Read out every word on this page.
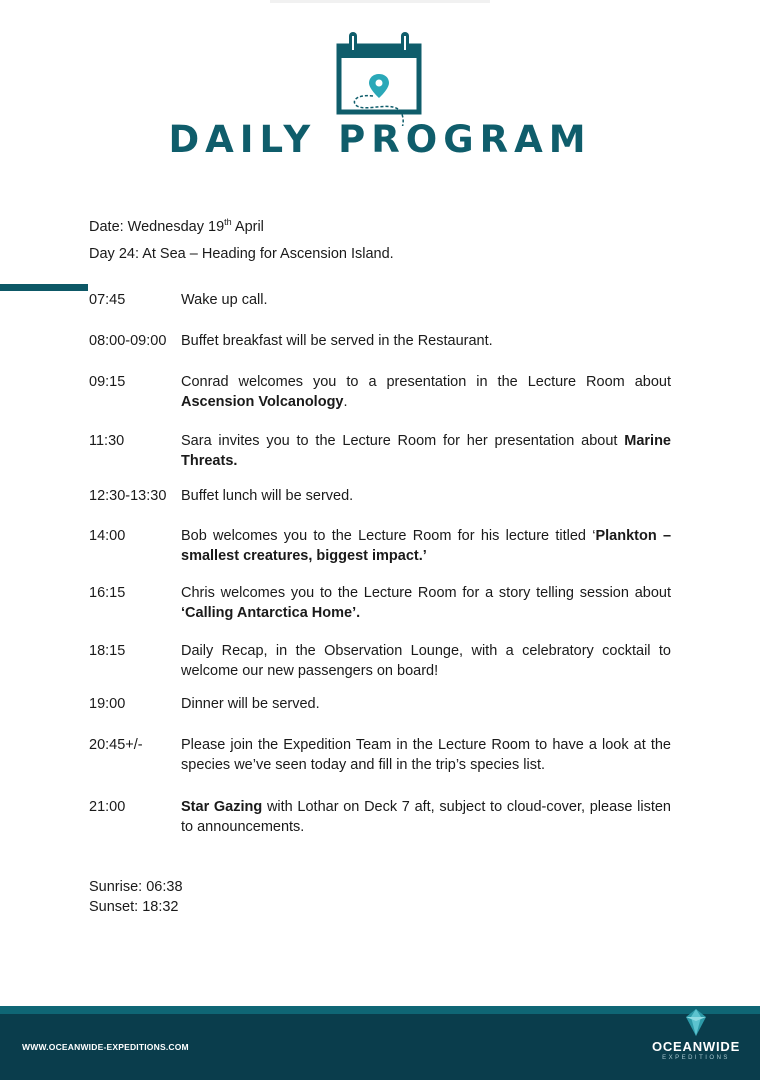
DAILY PROGRAM
Date: Wednesday 19th April
Day 24: At Sea – Heading for Ascension Island.
07:45	Wake up call.
08:00-09:00	Buffet breakfast will be served in the Restaurant.
09:15	Conrad welcomes you to a presentation in the Lecture Room about Ascension Volcanology.
11:30	Sara invites you to the Lecture Room for her presentation about Marine Threats.
12:30-13:30	Buffet lunch will be served.
14:00	Bob welcomes you to the Lecture Room for his lecture titled ‘Plankton – smallest creatures, biggest impact.’
16:15	Chris welcomes you to the Lecture Room for a story telling session about ‘Calling Antarctica Home’.
18:15	Daily Recap, in the Observation Lounge, with a celebratory cocktail to welcome our new passengers on board!
19:00	Dinner will be served.
20:45+/-	Please join the Expedition Team in the Lecture Room to have a look at the species we’ve seen today and fill in the trip’s species list.
21:00	Star Gazing with Lothar on Deck 7 aft, subject to cloud-cover, please listen to announcements.
Sunrise: 06:38
Sunset: 18:32
WWW.OCEANWIDE-EXPEDITIONS.COM	OCEANWIDE
EXPEDITIONS
